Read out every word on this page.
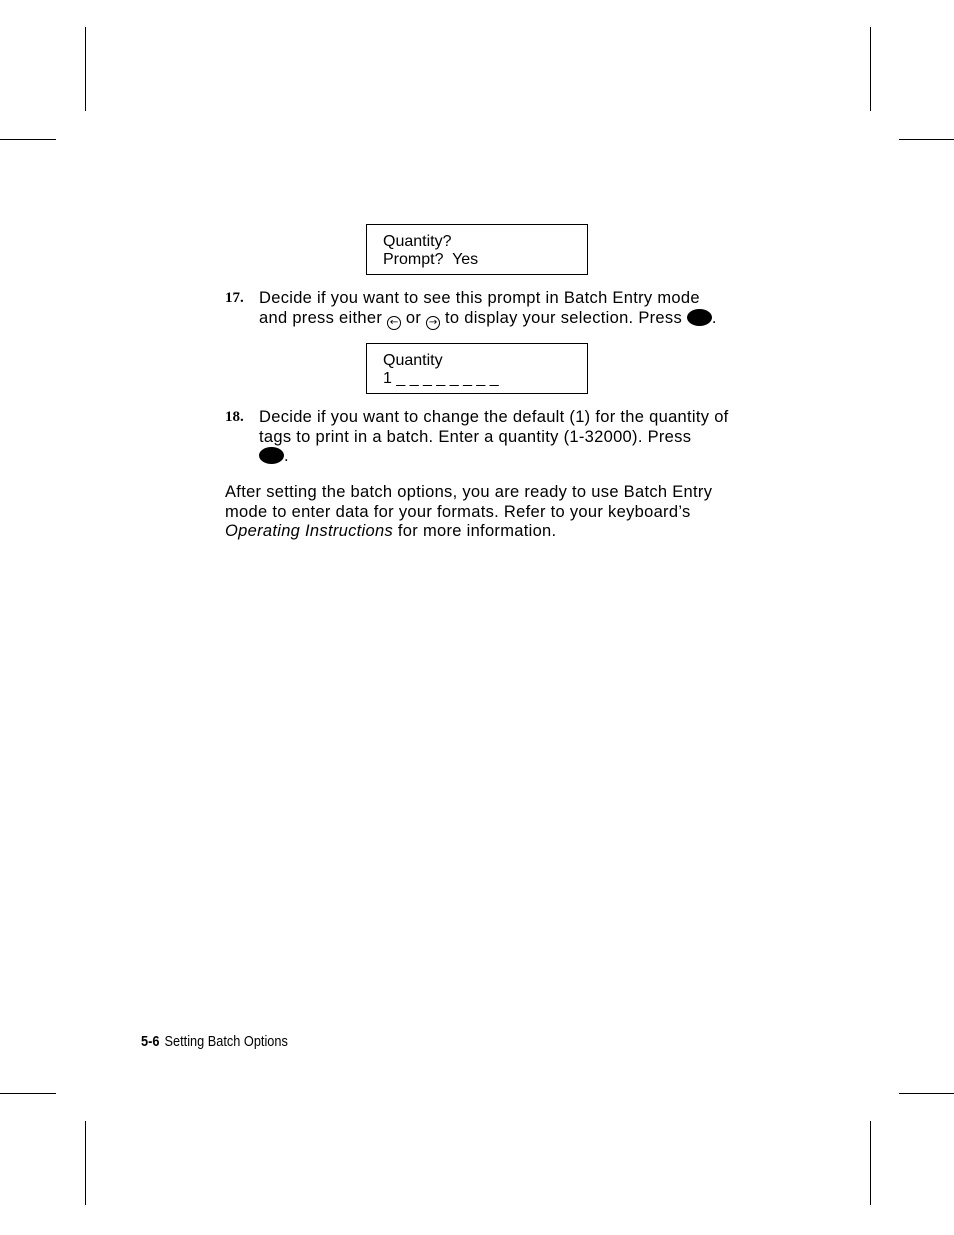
Quantity?
Prompt?  Yes
17. Decide if you want to see this prompt in Batch Entry mode
and press either ← or → to display your selection. Press .
Quantity
1 _ _ _ _ _ _ _ _
18. Decide if you want to change the default (1) for the quantity of
tags to print in a batch. Enter a quantity (1-32000). Press
.
After setting the batch options, you are ready to use Batch Entry
mode to enter data for your formats. Refer to your keyboard’s
Operating Instructions for more information.
5-6 Setting Batch Options
